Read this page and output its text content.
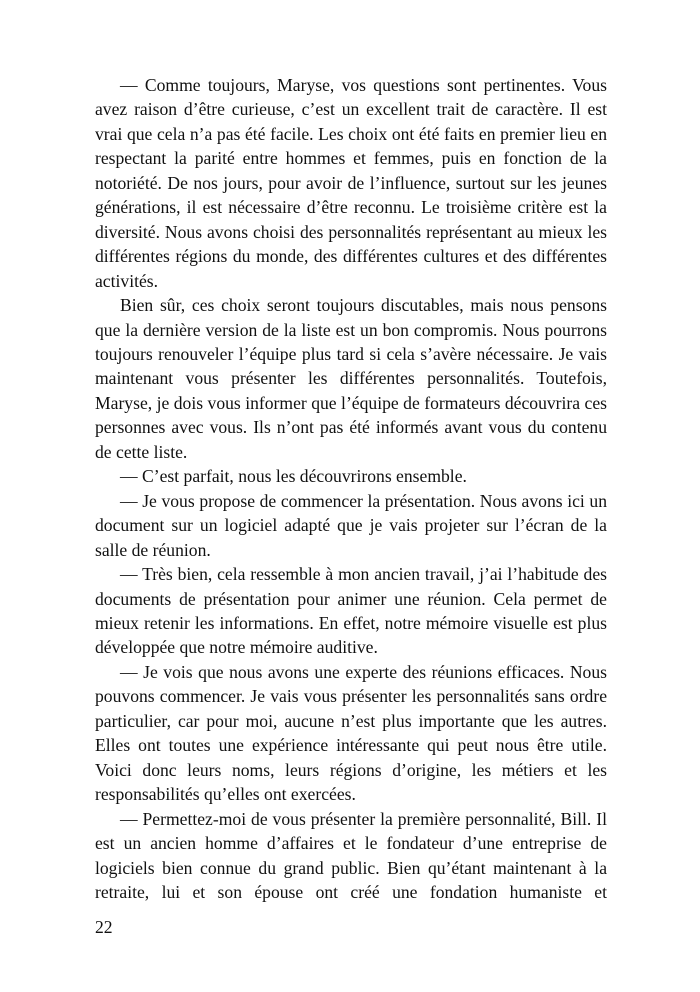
— Comme toujours, Maryse, vos questions sont pertinentes. Vous avez raison d’être curieuse, c’est un excellent trait de caractère. Il est vrai que cela n’a pas été facile. Les choix ont été faits en premier lieu en respectant la parité entre hommes et femmes, puis en fonction de la notoriété. De nos jours, pour avoir de l’influence, surtout sur les jeunes générations, il est nécessaire d’être reconnu. Le troisième critère est la diversité. Nous avons choisi des personnalités représentant au mieux les différentes régions du monde, des différentes cultures et des différentes activités.

Bien sûr, ces choix seront toujours discutables, mais nous pensons que la dernière version de la liste est un bon compromis. Nous pourrons toujours renouveler l’équipe plus tard si cela s’avère nécessaire. Je vais maintenant vous présenter les différentes personnalités. Toutefois, Maryse, je dois vous informer que l’équipe de formateurs découvrira ces personnes avec vous. Ils n’ont pas été informés avant vous du contenu de cette liste.

— C’est parfait, nous les découvrirons ensemble.

— Je vous propose de commencer la présentation. Nous avons ici un document sur un logiciel adapté que je vais projeter sur l’écran de la salle de réunion.

— Très bien, cela ressemble à mon ancien travail, j’ai l’habitude des documents de présentation pour animer une réunion. Cela permet de mieux retenir les informations. En effet, notre mémoire visuelle est plus développée que notre mémoire auditive.

— Je vois que nous avons une experte des réunions efficaces. Nous pouvons commencer. Je vais vous présenter les personnalités sans ordre particulier, car pour moi, aucune n’est plus importante que les autres. Elles ont toutes une expérience intéressante qui peut nous être utile. Voici donc leurs noms, leurs régions d’origine, les métiers et les responsabilités qu’elles ont exercées.

— Permettez-moi de vous présenter la première personnalité, Bill. Il est un ancien homme d’affaires et le fondateur d’une entreprise de logiciels bien connue du grand public. Bien qu’étant maintenant à la retraite, lui et son épouse ont créé une fondation humaniste et

22
